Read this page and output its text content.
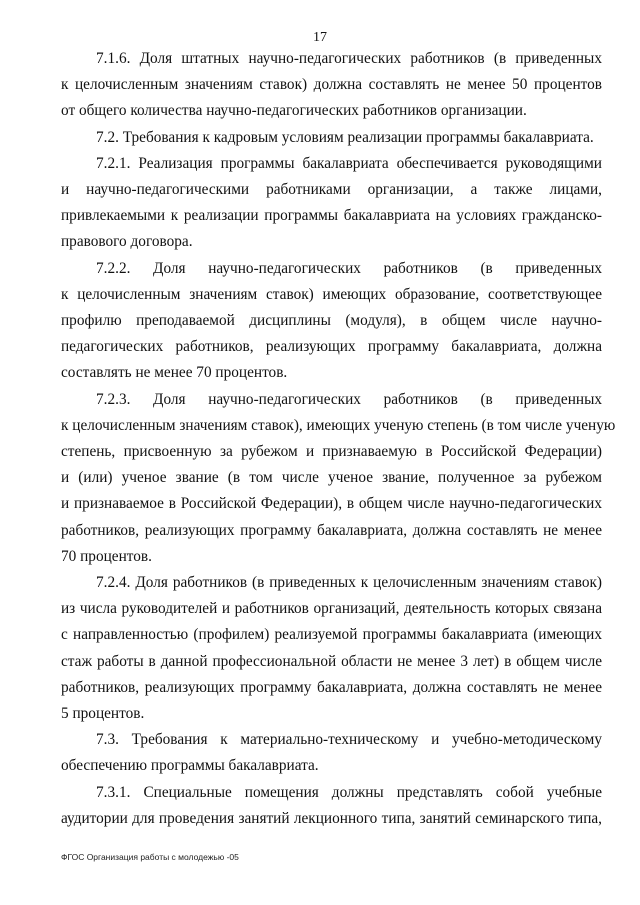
17
7.1.6. Доля штатных научно-педагогических работников (в приведенных
к целочисленным значениям ставок) должна составлять не менее 50 процентов
от общего количества научно-педагогических работников организации.
7.2. Требования к кадровым условиям реализации программы бакалавриата.
7.2.1. Реализация программы бакалавриата обеспечивается руководящими
и научно-педагогическими работниками организации, а также лицами,
привлекаемыми к реализации программы бакалавриата на условиях гражданско-
правового договора.
7.2.2. Доля научно-педагогических работников (в приведенных
к целочисленным значениям ставок) имеющих образование, соответствующее
профилю преподаваемой дисциплины (модуля), в общем числе научно-
педагогических работников, реализующих программу бакалавриата, должна
составлять не менее 70 процентов.
7.2.3. Доля научно-педагогических работников (в приведенных
к целочисленным значениям ставок), имеющих ученую степень (в том числе ученую
степень, присвоенную за рубежом и признаваемую в Российской Федерации)
и (или) ученое звание (в том числе ученое звание, полученное за рубежом
и признаваемое в Российской Федерации), в общем числе научно-педагогических
работников, реализующих программу бакалавриата, должна составлять не менее
70 процентов.
7.2.4. Доля работников (в приведенных к целочисленным значениям ставок)
из числа руководителей и работников организаций, деятельность которых связана
с направленностью (профилем) реализуемой программы бакалавриата (имеющих
стаж работы в данной профессиональной области не менее 3 лет) в общем числе
работников, реализующих программу бакалавриата, должна составлять не менее
5 процентов.
7.3. Требования к материально-техническому и учебно-методическому
обеспечению программы бакалавриата.
7.3.1. Специальные помещения должны представлять собой учебные
аудитории для проведения занятий лекционного типа, занятий семинарского типа,
ФГОС Организация работы с молодежью -05
